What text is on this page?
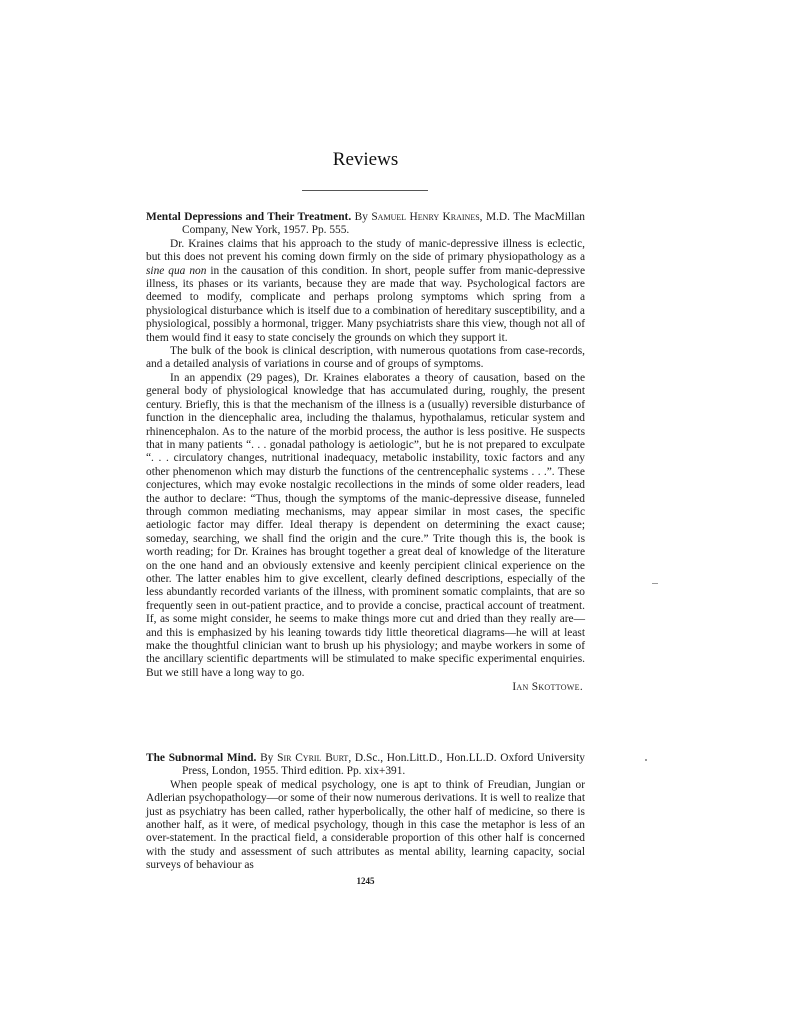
Reviews

Mental Depressions and Their Treatment. By Samuel Henry Kraines, M.D. The MacMillan Company, New York, 1957. Pp. 555.

Dr. Kraines claims that his approach to the study of manic-depressive illness is eclectic, but this does not prevent his coming down firmly on the side of primary physiopathology as a sine qua non in the causation of this condition. In short, people suffer from manic-depressive illness, its phases or its variants, because they are made that way. Psychological factors are deemed to modify, complicate and perhaps prolong symptoms which spring from a physiological disturbance which is itself due to a combination of hereditary susceptibility, and a physiological, possibly a hormonal, trigger. Many psychiatrists share this view, though not all of them would find it easy to state concisely the grounds on which they support it.

The bulk of the book is clinical description, with numerous quotations from case-records, and a detailed analysis of variations in course and of groups of symptoms.

In an appendix (29 pages), Dr. Kraines elaborates a theory of causation, based on the general body of physiological knowledge that has accumulated during, roughly, the present century. Briefly, this is that the mechanism of the illness is a (usually) reversible disturbance of function in the diencephalic area, including the thalamus, hypothalamus, reticular system and rhinencephalon. As to the nature of the morbid process, the author is less positive. He suspects that in many patients “. . . gonadal pathology is aetiologic”, but he is not prepared to exculpate “. . . circulatory changes, nutritional inadequacy, metabolic instability, toxic factors and any other phenomenon which may disturb the functions of the centrencephalic systems . . .”. These conjectures, which may evoke nostalgic recollections in the minds of some older readers, lead the author to declare: “Thus, though the symptoms of the manic-depressive disease, funneled through common mediating mechanisms, may appear similar in most cases, the specific aetiologic factor may differ. Ideal therapy is dependent on determining the exact cause; someday, searching, we shall find the origin and the cure.” Trite though this is, the book is worth reading; for Dr. Kraines has brought together a great deal of knowledge of the literature on the one hand and an obviously extensive and keenly percipient clinical experience on the other. The latter enables him to give excellent, clearly defined descriptions, especially of the less abundantly recorded variants of the illness, with prominent somatic complaints, that are so frequently seen in out-patient practice, and to provide a concise, practical account of treatment. If, as some might consider, he seems to make things more cut and dried than they really are—and this is emphasized by his leaning towards tidy little theoretical diagrams—he will at least make the thoughtful clinician want to brush up his physiology; and maybe workers in some of the ancillary scientific departments will be stimulated to make specific experimental enquiries. But we still have a long way to go.

Ian Skottowe.

The Subnormal Mind. By Sir Cyril Burt, D.Sc., Hon.Litt.D., Hon.LL.D. Oxford University Press, London, 1955. Third edition. Pp. xix+391.

When people speak of medical psychology, one is apt to think of Freudian, Jungian or Adlerian psychopathology—or some of their now numerous derivations. It is well to realize that just as psychiatry has been called, rather hyperbolically, the other half of medicine, so there is another half, as it were, of medical psychology, though in this case the metaphor is less of an over-statement. In the practical field, a considerable proportion of this other half is concerned with the study and assessment of such attributes as mental ability, learning capacity, social surveys of behaviour as

1245
